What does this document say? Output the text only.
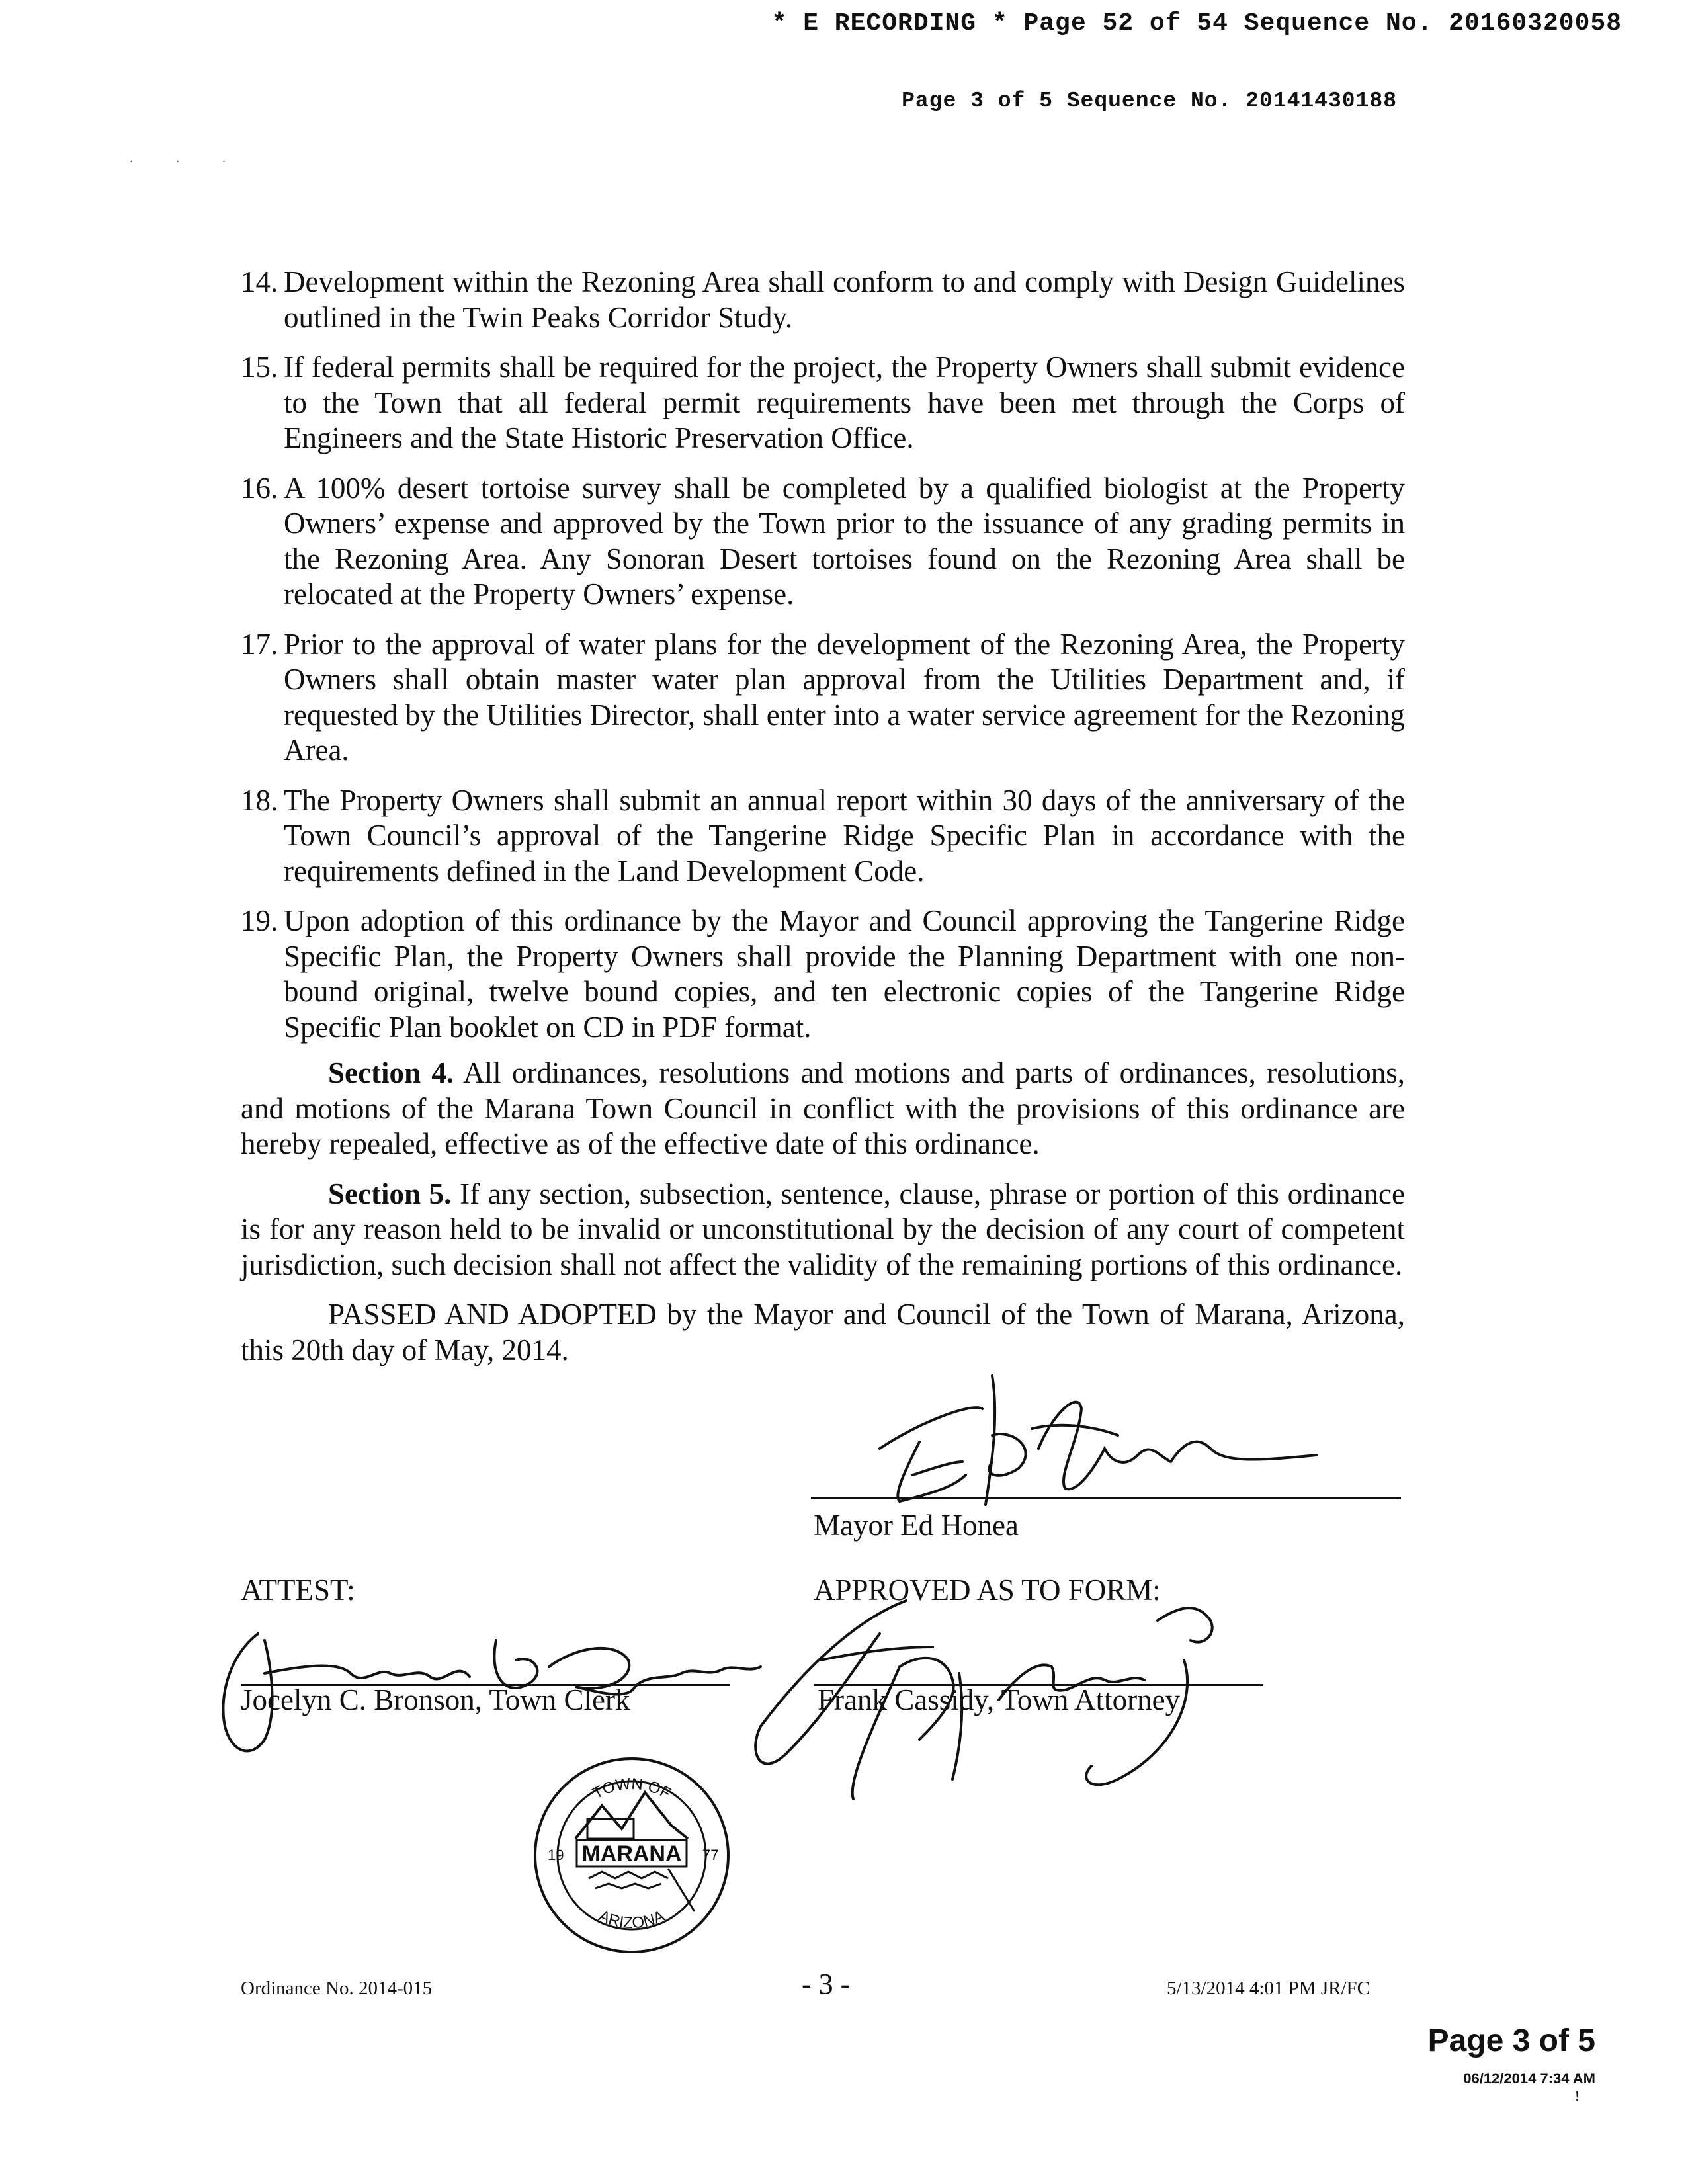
* E RECORDING * Page 52 of 54 Sequence No. 20160320058
Page 3 of 5 Sequence No. 20141430188
. . .
14. Development within the Rezoning Area shall conform to and comply with Design Guidelines outlined in the Twin Peaks Corridor Study.
15. If federal permits shall be required for the project, the Property Owners shall submit evidence to the Town that all federal permit requirements have been met through the Corps of Engineers and the State Historic Preservation Office.
16. A 100% desert tortoise survey shall be completed by a qualified biologist at the Property Owners’ expense and approved by the Town prior to the issuance of any grading permits in the Rezoning Area. Any Sonoran Desert tortoises found on the Rezoning Area shall be relocated at the Property Owners’ expense.
17. Prior to the approval of water plans for the development of the Rezoning Area, the Property Owners shall obtain master water plan approval from the Utilities Department and, if requested by the Utilities Director, shall enter into a water service agreement for the Rezoning Area.
18. The Property Owners shall submit an annual report within 30 days of the anniversary of the Town Council’s approval of the Tangerine Ridge Specific Plan in accordance with the requirements defined in the Land Development Code.
19. Upon adoption of this ordinance by the Mayor and Council approving the Tangerine Ridge Specific Plan, the Property Owners shall provide the Planning Department with one non-bound original, twelve bound copies, and ten electronic copies of the Tangerine Ridge Specific Plan booklet on CD in PDF format.

Section 4. All ordinances, resolutions and motions and parts of ordinances, resolutions, and motions of the Marana Town Council in conflict with the provisions of this ordinance are hereby repealed, effective as of the effective date of this ordinance.

Section 5. If any section, subsection, sentence, clause, phrase or portion of this ordinance is for any reason held to be invalid or unconstitutional by the decision of any court of competent jurisdiction, such decision shall not affect the validity of the remaining portions of this ordinance.

PASSED AND ADOPTED by the Mayor and Council of the Town of Marana, Arizona, this 20th day of May, 2014.

Mayor Ed Honea
ATTEST:	APPROVED AS TO FORM:
Jocelyn C. Bronson, Town Clerk	Frank Cassidy, Town Attorney
TOWN OF
ARIZONA
19	77
MARANA
Ordinance No. 2014-015	- 3 -	5/13/2014 4:01 PM JR/FC
Page 3 of 5
06/12/2014 7:34 AM
!
